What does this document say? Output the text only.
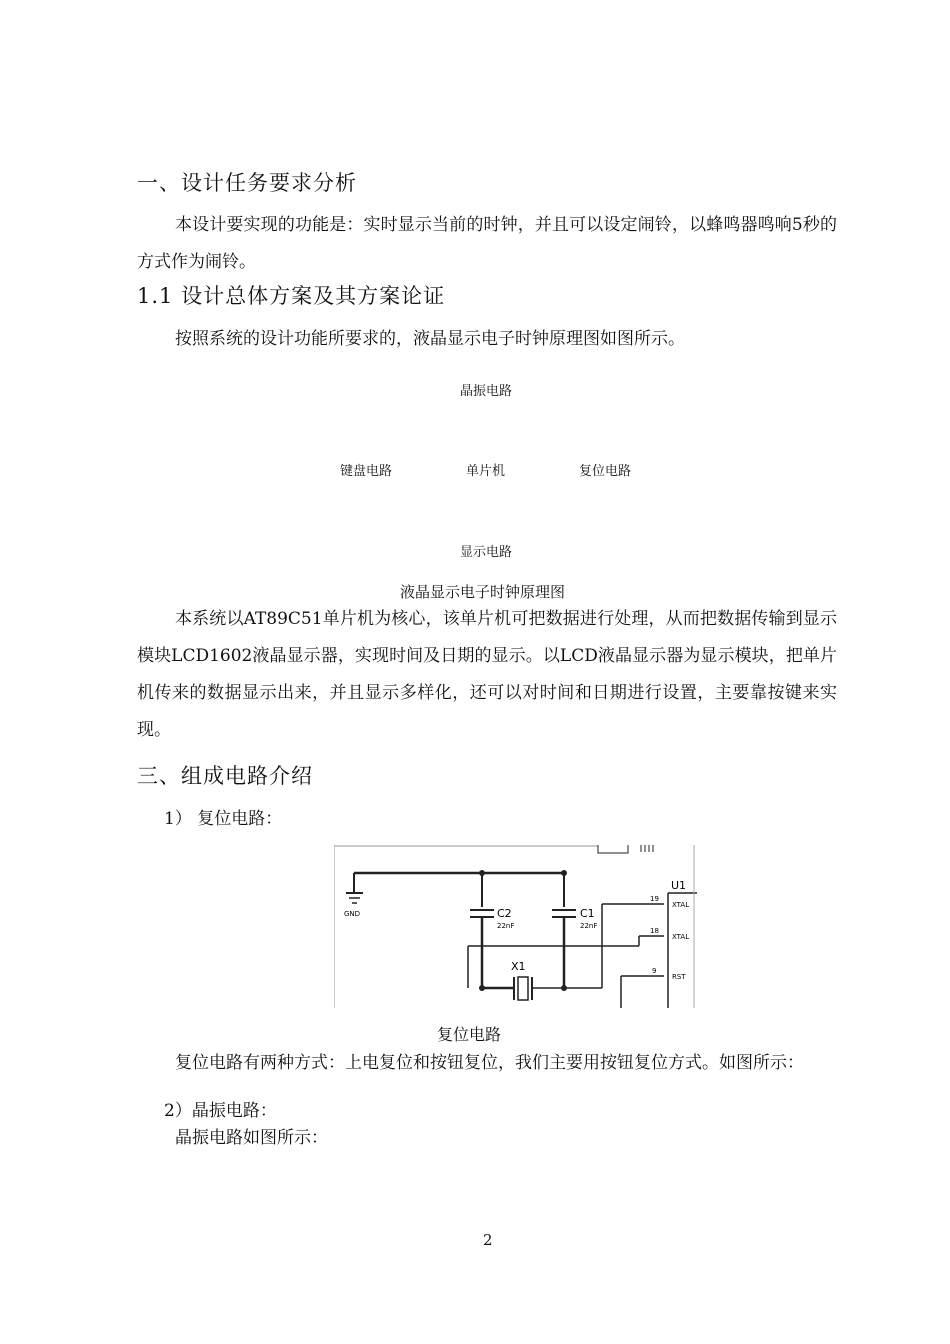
一、设计任务要求分析
本设计要实现的功能是：实时显示当前的时钟，并且可以设定闹铃，以蜂鸣器鸣响5秒的方式作为闹铃。
1.1 设计总体方案及其方案论证
按照系统的设计功能所要求的，液晶显示电子时钟原理图如图所示。
晶振电路
键盘电路	单片机	复位电路
显示电路
液晶显示电子时钟原理图
本系统以AT89C51单片机为核心，该单片机可把数据进行处理，从而把数据传输到显示模块LCD1602液晶显示器，实现时间及日期的显示。以LCD液晶显示器为显示模块，把单片机传来的数据显示出来，并且显示多样化，还可以对时间和日期进行设置，主要靠按键来实现。
三、组成电路介绍
1） 复位电路：
GND	C2
22nF
C1
22nF
X1
U1
19
18
9
XTAL
XTAL
RST
复位电路
复位电路有两种方式：上电复位和按钮复位，我们主要用按钮复位方式。如图所示：
2）晶振电路：
晶振电路如图所示：
2
